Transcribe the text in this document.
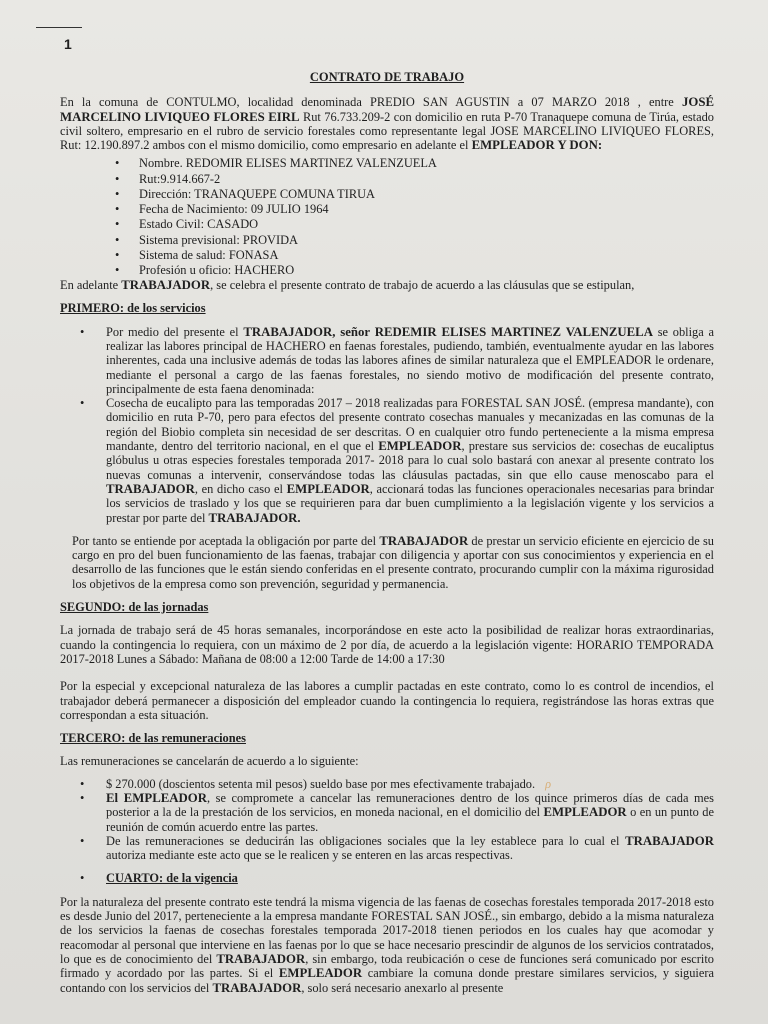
1
CONTRATO DE TRABAJO

En la comuna de CONTULMO, localidad denominada PREDIO SAN AGUSTIN a 07 MARZO 2018 , entre JOSÉ MARCELINO LIVIQUEO FLORES EIRL Rut 76.733.209-2 con domicilio en ruta P-70 Tranaquepe comuna de Tirúa, estado civil soltero, empresario en el rubro de servicio forestales como representante legal JOSE MARCELINO LIVIQUEO FLORES, Rut: 12.190.897.2 ambos con el mismo domicilio, como empresario en adelante el EMPLEADOR Y DON:

• Nombre. REDOMIR ELISES MARTINEZ VALENZUELA
• Rut:9.914.667-2
• Dirección: TRANAQUEPE COMUNA TIRUA
• Fecha de Nacimiento: 09 JULIO 1964
• Estado Civil: CASADO
• Sistema previsional: PROVIDA
• Sistema de salud: FONASA
• Profesión u oficio: HACHERO

En adelante TRABAJADOR, se celebra el presente contrato de trabajo de acuerdo a las cláusulas que se estipulan,

PRIMERO: de los servicios
• Por medio del presente el TRABAJADOR, señor REDEMIR ELISES MARTINEZ VALENZUELA se obliga a realizar las labores principal de HACHERO en faenas forestales, pudiendo, también, eventualmente ayudar en las labores inherentes, cada una inclusive además de todas las labores afines de similar naturaleza que el EMPLEADOR le ordenare, mediante el personal a cargo de las faenas forestales, no siendo motivo de modificación del presente contrato, principalmente de esta faena denominada:
• Cosecha de eucalipto para las temporadas 2017 – 2018 realizadas para FORESTAL SAN JOSÉ. (empresa mandante), con domicilio en ruta P-70, pero para efectos del presente contrato cosechas manuales y mecanizadas en las comunas de la región del Biobio completa sin necesidad de ser descritas. O en cualquier otro fundo perteneciente a la misma empresa mandante, dentro del territorio nacional, en el que el EMPLEADOR, prestare sus servicios de: cosechas de eucaliptus glóbulus u otras especies forestales temporada 2017- 2018 para lo cual solo bastará con anexar al presente contrato los nuevas comunas a intervenir, conservándose todas las cláusulas pactadas, sin que ello cause menoscabo para el TRABAJADOR, en dicho caso el EMPLEADOR, accionará todas las funciones operacionales necesarias para brindar los servicios de traslado y los que se requirieren para dar buen cumplimiento a la legislación vigente y los servicios a prestar por parte del TRABAJADOR.

Por tanto se entiende por aceptada la obligación por parte del TRABAJADOR de prestar un servicio eficiente en ejercicio de su cargo en pro del buen funcionamiento de las faenas, trabajar con diligencia y aportar con sus conocimientos y experiencia en el desarrollo de las funciones que le están siendo conferidas en el presente contrato, procurando cumplir con la máxima rigurosidad los objetivos de la empresa como son prevención, seguridad y permanencia.

SEGUNDO: de las jornadas

La jornada de trabajo será de 45 horas semanales, incorporándose en este acto la posibilidad de realizar horas extraordinarias, cuando la contingencia lo requiera, con un máximo de 2 por día, de acuerdo a la legislación vigente: HORARIO TEMPORADA 2017-2018 Lunes a Sábado: Mañana de 08:00 a 12:00 Tarde de 14:00 a 17:30

Por la especial y excepcional naturaleza de las labores a cumplir pactadas en este contrato, como lo es control de incendios, el trabajador deberá permanecer a disposición del empleador cuando la contingencia lo requiera, registrándose las horas extras que correspondan a esta situación.

TERCERO: de las remuneraciones

Las remuneraciones se cancelarán de acuerdo a lo siguiente:

• $ 270.000 (doscientos setenta mil pesos) sueldo base por mes efectivamente trabajado. ρ
• El EMPLEADOR, se compromete a cancelar las remuneraciones dentro de los quince primeros días de cada mes posterior a la de la prestación de los servicios, en moneda nacional, en el domicilio del EMPLEADOR o en un punto de reunión de común acuerdo entre las partes.
• De las remuneraciones se deducirán las obligaciones sociales que la ley establece para lo cual el TRABAJADOR autoriza mediante este acto que se le realicen y se enteren en las arcas respectivas.
• CUARTO: de la vigencia

Por la naturaleza del presente contrato este tendrá la misma vigencia de las faenas de cosechas forestales temporada 2017-2018 esto es desde Junio del 2017, perteneciente a la empresa mandante FORESTAL SAN JOSÉ., sin embargo, debido a la misma naturaleza de los servicios la faenas de cosechas forestales temporada 2017-2018 tienen periodos en los cuales hay que acomodar y reacomodar al personal que interviene en las faenas por lo que se hace necesario prescindir de algunos de los servicios contratados, lo que es de conocimiento del TRABAJADOR, sin embargo, toda reubicación o cese de funciones será comunicado por escrito firmado y acordado por las partes. Si el EMPLEADOR cambiare la comuna donde prestare similares servicios, y siguiera contando con los servicios del TRABAJADOR, solo será necesario anexarlo al presente
